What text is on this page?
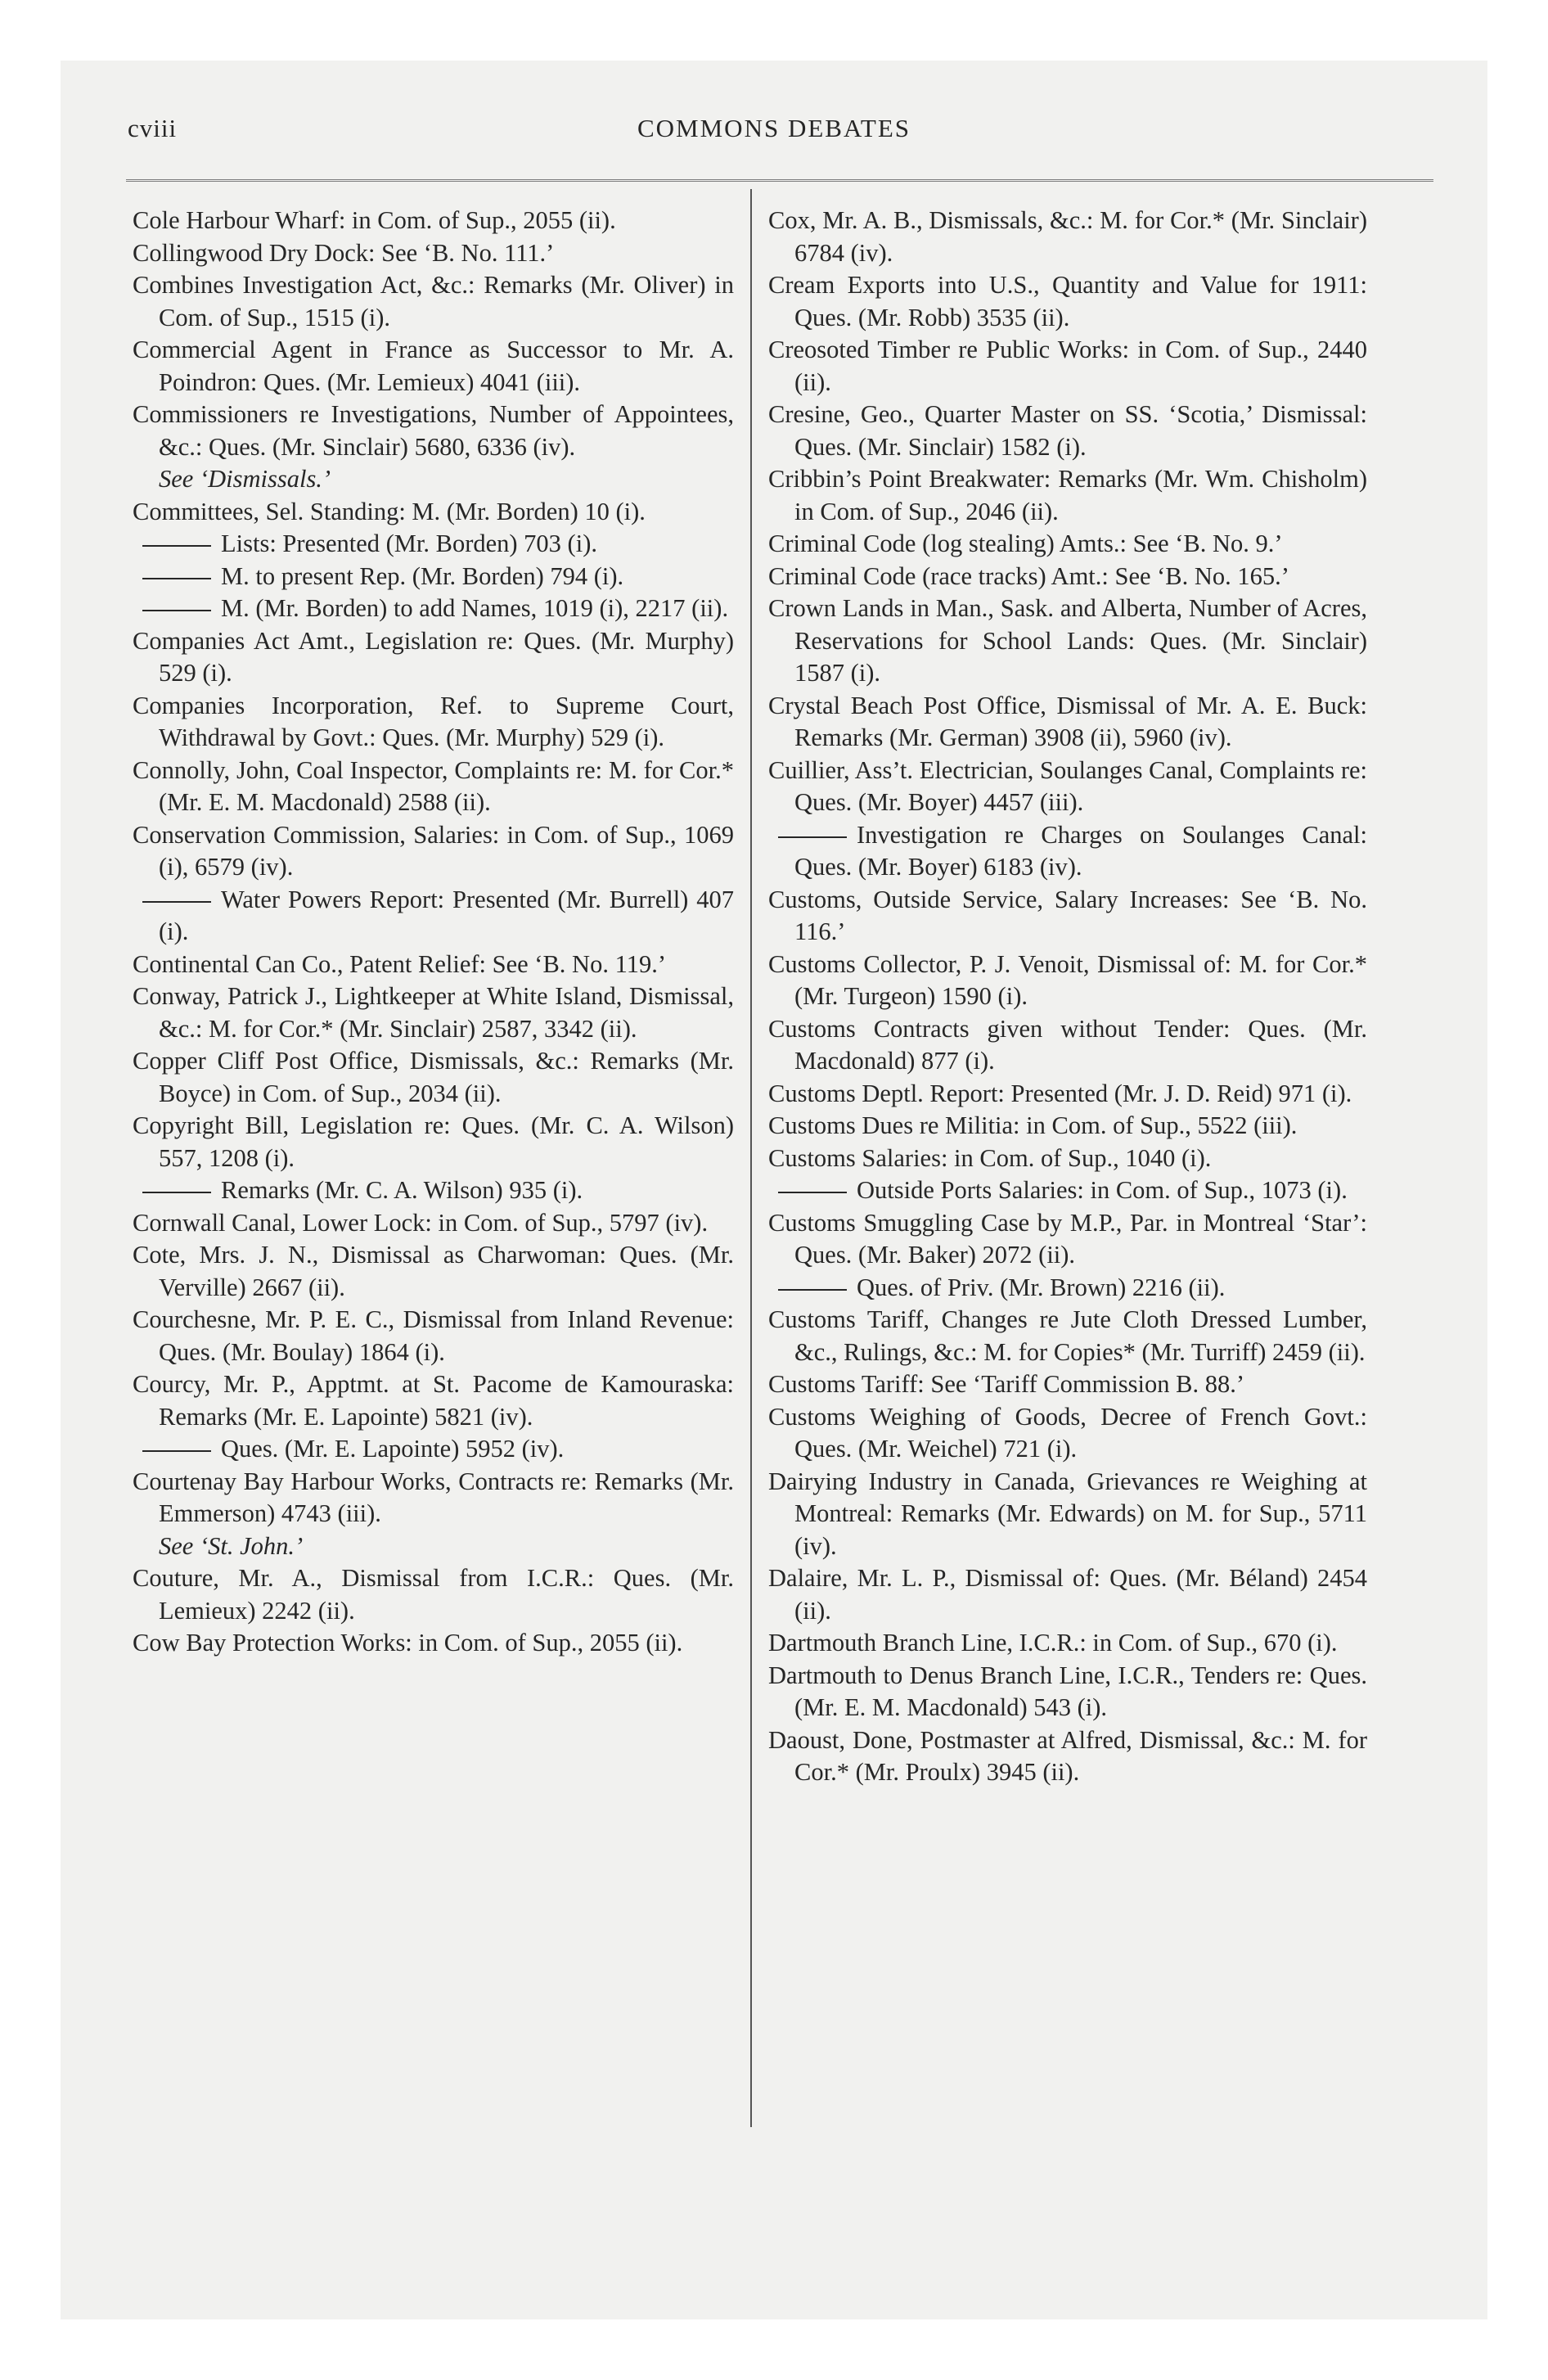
cviii	COMMONS DEBATES

Cole Harbour Wharf: in Com. of Sup., 2055 (ii).

Collingwood Dry Dock: See ‘B. No. 111.’

Combines Investigation Act, &c.: Remarks (Mr. Oliver) in Com. of Sup., 1515 (i).

Commercial Agent in France as Successor to Mr. A. Poindron: Ques. (Mr. Lemieux) 4041 (iii).

Commissioners re Investigations, Number of Appointees, &c.: Ques. (Mr. Sinclair) 5680, 6336 (iv).

See ‘Dismissals.’

Committees, Sel. Standing: M. (Mr. Borden) 10 (i).

Lists: Presented (Mr. Borden) 703 (i).

M. to present Rep. (Mr. Borden) 794 (i).

M. (Mr. Borden) to add Names, 1019 (i), 2217 (ii).

Companies Act Amt., Legislation re: Ques. (Mr. Murphy) 529 (i).

Companies Incorporation, Ref. to Supreme Court, Withdrawal by Govt.: Ques. (Mr. Murphy) 529 (i).

Connolly, John, Coal Inspector, Complaints re: M. for Cor.* (Mr. E. M. Macdonald) 2588 (ii).

Conservation Commission, Salaries: in Com. of Sup., 1069 (i), 6579 (iv).

Water Powers Report: Presented (Mr. Burrell) 407 (i).

Continental Can Co., Patent Relief: See ‘B. No. 119.’

Conway, Patrick J., Lightkeeper at White Island, Dismissal, &c.: M. for Cor.* (Mr. Sinclair) 2587, 3342 (ii).

Copper Cliff Post Office, Dismissals, &c.: Remarks (Mr. Boyce) in Com. of Sup., 2034 (ii).

Copyright Bill, Legislation re: Ques. (Mr. C. A. Wilson) 557, 1208 (i).

Remarks (Mr. C. A. Wilson) 935 (i).

Cornwall Canal, Lower Lock: in Com. of Sup., 5797 (iv).

Cote, Mrs. J. N., Dismissal as Charwoman: Ques. (Mr. Verville) 2667 (ii).

Courchesne, Mr. P. E. C., Dismissal from Inland Revenue: Ques. (Mr. Boulay) 1864 (i).

Courcy, Mr. P., Apptmt. at St. Pacome de Kamouraska: Remarks (Mr. E. Lapointe) 5821 (iv).

Ques. (Mr. E. Lapointe) 5952 (iv).

Courtenay Bay Harbour Works, Contracts re: Remarks (Mr. Emmerson) 4743 (iii).

See ‘St. John.’

Couture, Mr. A., Dismissal from I.C.R.: Ques. (Mr. Lemieux) 2242 (ii).

Cow Bay Protection Works: in Com. of Sup., 2055 (ii).

Cox, Mr. A. B., Dismissals, &c.: M. for Cor.* (Mr. Sinclair) 6784 (iv).

Cream Exports into U.S., Quantity and Value for 1911: Ques. (Mr. Robb) 3535 (ii).

Creosoted Timber re Public Works: in Com. of Sup., 2440 (ii).

Cresine, Geo., Quarter Master on SS. ‘Scotia,’ Dismissal: Ques. (Mr. Sinclair) 1582 (i).

Cribbin’s Point Breakwater: Remarks (Mr. Wm. Chisholm) in Com. of Sup., 2046 (ii).

Criminal Code (log stealing) Amts.: See ‘B. No. 9.’

Criminal Code (race tracks) Amt.: See ‘B. No. 165.’

Crown Lands in Man., Sask. and Alberta, Number of Acres, Reservations for School Lands: Ques. (Mr. Sinclair) 1587 (i).

Crystal Beach Post Office, Dismissal of Mr. A. E. Buck: Remarks (Mr. German) 3908 (ii), 5960 (iv).

Cuillier, Ass’t. Electrician, Soulanges Canal, Complaints re: Ques. (Mr. Boyer) 4457 (iii).

Investigation re Charges on Soulanges Canal: Ques. (Mr. Boyer) 6183 (iv).

Customs, Outside Service, Salary Increases: See ‘B. No. 116.’

Customs Collector, P. J. Venoit, Dismissal of: M. for Cor.* (Mr. Turgeon) 1590 (i).

Customs Contracts given without Tender: Ques. (Mr. Macdonald) 877 (i).

Customs Deptl. Report: Presented (Mr. J. D. Reid) 971 (i).

Customs Dues re Militia: in Com. of Sup., 5522 (iii).

Customs Salaries: in Com. of Sup., 1040 (i).

Outside Ports Salaries: in Com. of Sup., 1073 (i).

Customs Smuggling Case by M.P., Par. in Montreal ‘Star’: Ques. (Mr. Baker) 2072 (ii).

Ques. of Priv. (Mr. Brown) 2216 (ii).

Customs Tariff, Changes re Jute Cloth Dressed Lumber, &c., Rulings, &c.: M. for Copies* (Mr. Turriff) 2459 (ii).

Customs Tariff: See ‘Tariff Commission B. 88.’

Customs Weighing of Goods, Decree of French Govt.: Ques. (Mr. Weichel) 721 (i).

Dairying Industry in Canada, Grievances re Weighing at Montreal: Remarks (Mr. Edwards) on M. for Sup., 5711 (iv).

Dalaire, Mr. L. P., Dismissal of: Ques. (Mr. Béland) 2454 (ii).

Dartmouth Branch Line, I.C.R.: in Com. of Sup., 670 (i).

Dartmouth to Denus Branch Line, I.C.R., Tenders re: Ques. (Mr. E. M. Macdonald) 543 (i).

Daoust, Done, Postmaster at Alfred, Dismissal, &c.: M. for Cor.* (Mr. Proulx) 3945 (ii).
